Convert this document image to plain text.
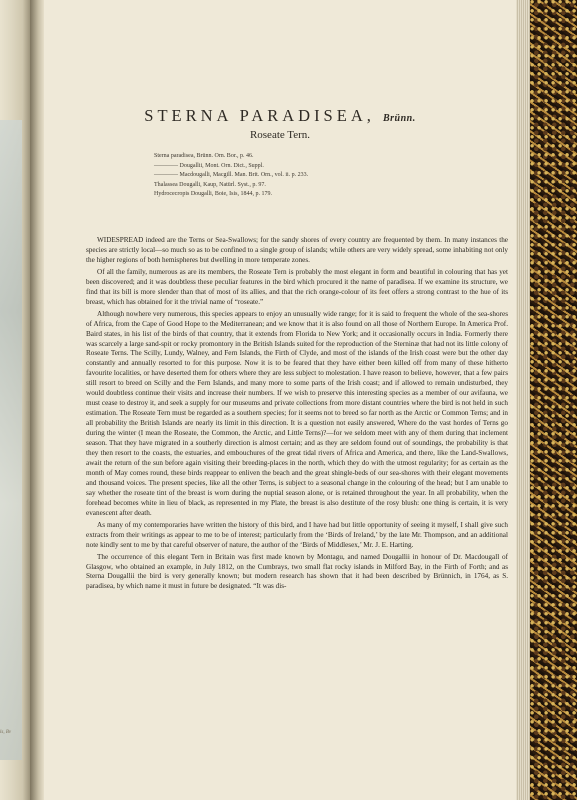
ls, Bv
STERNA PARADISEA, Brünn.
Roseate Tern.
Sterna paradisea, Brünn. Orn. Bor., p. 46.
———— Dougallii, Mont. Orn. Dict., Suppl.
———— Macdougalli, Macgill. Man. Brit. Orn., vol. ii. p. 233.
Thalassea Dougalli, Kaup, Natürl. Syst., p. 97.
Hydrocecropis Dougalli, Boie, Isis, 1844, p. 179.

WIDESPREAD indeed are the Terns or Sea-Swallows; for the sandy shores of every country are frequented by them. In many instances the species are strictly local—so much so as to be confined to a single group of islands; while others are very widely spread, some inhabiting not only the higher regions of both hemispheres but dwelling in more temperate zones.

Of all the family, numerous as are its members, the Roseate Tern is probably the most elegant in form and beautiful in colouring that has yet been discovered; and it was doubtless these peculiar features in the bird which procured it the name of paradisea. If we examine its structure, we find that its bill is more slender than that of most of its allies, and that the rich orange-colour of its feet offers a strong contrast to the hue of its breast, which has obtained for it the trivial name of “roseate.”

Although nowhere very numerous, this species appears to enjoy an unusually wide range; for it is said to frequent the whole of the sea-shores of Africa, from the Cape of Good Hope to the Mediterranean; and we know that it is also found on all those of Northern Europe. In America Prof. Baird states, in his list of the birds of that country, that it extends from Florida to New York; and it occasionally occurs in India. Formerly there was scarcely a large sand-spit or rocky promontory in the British Islands suited for the reproduction of the Sterninæ that had not its little colony of Roseate Terns. The Scilly, Lundy, Walney, and Fern Islands, the Firth of Clyde, and most of the islands of the Irish coast were but the other day constantly and annually resorted to for this purpose. Now it is to be feared that they have either been killed off from many of these hitherto favourite localities, or have deserted them for others where they are less subject to molestation. I have reason to believe, however, that a few pairs still resort to breed on Scilly and the Fern Islands, and many more to some parts of the Irish coast; and if allowed to remain undisturbed, they would doubtless continue their visits and increase their numbers. If we wish to preserve this interesting species as a member of our avifauna, we must cease to destroy it, and seek a supply for our museums and private collections from more distant countries where the bird is not held in such estimation. The Roseate Tern must be regarded as a southern species; for it seems not to breed so far north as the Arctic or Common Terns; and in all probability the British Islands are nearly its limit in this direction. It is a question not easily answered, Where do the vast hordes of Terns go during the winter (I mean the Roseate, the Common, the Arctic, and Little Terns)?—for we seldom meet with any of them during that inclement season. That they have migrated in a southerly direction is almost certain; and as they are seldom found out of soundings, the probability is that they then resort to the coasts, the estuaries, and embouchures of the great tidal rivers of Africa and America, and there, like the Land-Swallows, await the return of the sun before again visiting their breeding-places in the north, which they do with the utmost regularity; for as certain as the month of May comes round, these birds reappear to enliven the beach and the great shingle-beds of our sea-shores with their elegant movements and thousand voices. The present species, like all the other Terns, is subject to a seasonal change in the colouring of the head; but I am unable to say whether the roseate tint of the breast is worn during the nuptial season alone, or is retained throughout the year. In all probability, when the forehead becomes white in lieu of black, as represented in my Plate, the breast is also destitute of the rosy blush: one thing is certain, it is very evanescent after death.

As many of my contemporaries have written the history of this bird, and I have had but little opportunity of seeing it myself, I shall give such extracts from their writings as appear to me to be of interest; particularly from the ‘Birds of Ireland,’ by the late Mr. Thompson, and an additional note kindly sent to me by that careful observer of nature, the author of the ‘Birds of Middlesex,’ Mr. J. E. Harting.

The occurrence of this elegant Tern in Britain was first made known by Montagu, and named Dougallii in honour of Dr. Macdougall of Glasgow, who obtained an example, in July 1812, on the Cumbrays, two small flat rocky islands in Milford Bay, in the Firth of Forth; and as Sterna Dougallii the bird is very generally known; but modern research has shown that it had been described by Brünnich, in 1764, as S. paradisea, by which name it must in future be designated. “It was dis-
